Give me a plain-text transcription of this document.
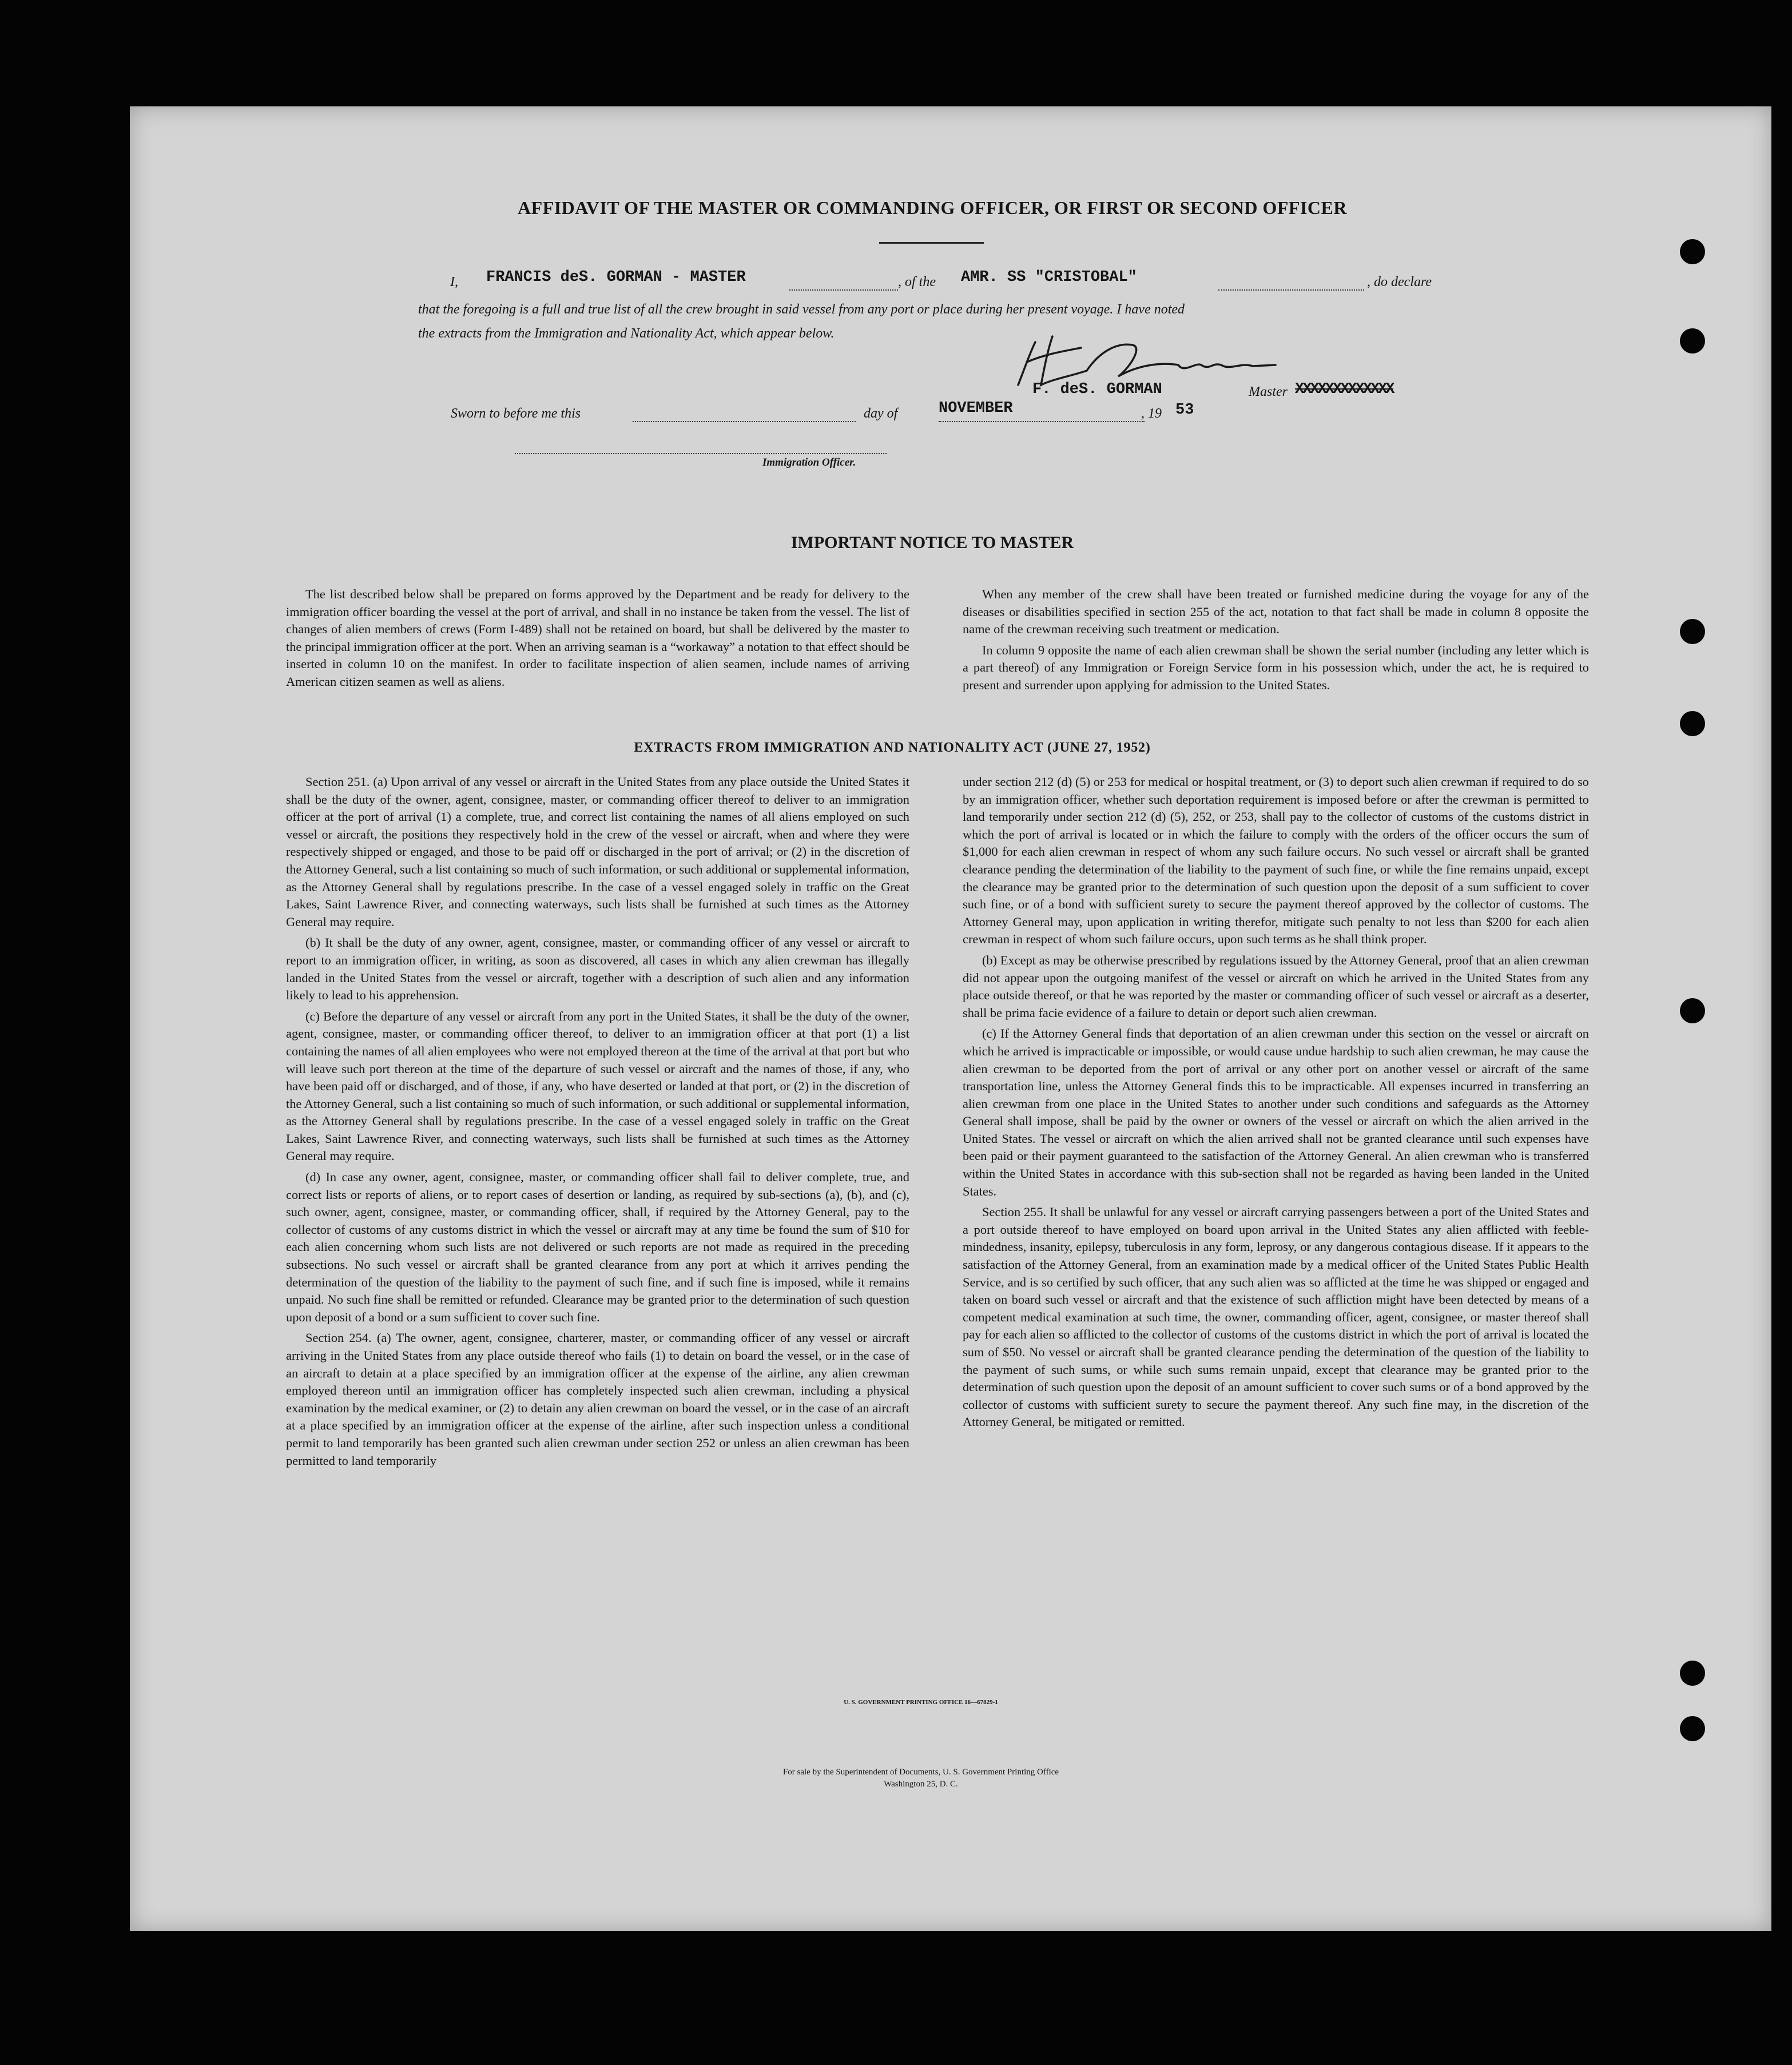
AFFIDAVIT OF THE MASTER OR COMMANDING OFFICER, OR FIRST OR SECOND OFFICER
I, FRANCIS deS. GORMAN - MASTER	, of the AMR. SS "CRISTOBAL"	, do declare
that the foregoing is a full and true list of all the crew brought in said vessel from any port or place during her present voyage. I have noted
the extracts from the Immigration and Nationality Act, which appear below.
F. deS. GORMAN	Master XXXXXXXXXXXXX
Sworn to before me this	day of	NOVEMBER	, 19 53
Immigration Officer.
IMPORTANT NOTICE TO MASTER

The list described below shall be prepared on forms approved by the Department and be ready for delivery to the immigration officer boarding the vessel at the port of arrival, and shall in no instance be taken from the vessel. The list of changes of alien members of crews (Form I-489) shall not be retained on board, but shall be delivered by the master to the principal immigration officer at the port. When an arriving seaman is a “workaway” a notation to that effect should be inserted in column 10 on the manifest. In order to facilitate inspection of alien seamen, include names of arriving American citizen seamen as well as aliens.

When any member of the crew shall have been treated or furnished medicine during the voyage for any of the diseases or disabilities specified in section 255 of the act, notation to that fact shall be made in column 8 opposite the name of the crewman receiving such treatment or medication.

In column 9 opposite the name of each alien crewman shall be shown the serial number (including any letter which is a part thereof) of any Immigration or Foreign Service form in his possession which, under the act, he is required to present and surrender upon applying for admission to the United States.

EXTRACTS FROM IMMIGRATION AND NATIONALITY ACT (JUNE 27, 1952)

Section 251. (a) Upon arrival of any vessel or aircraft in the United States from any place outside the United States it shall be the duty of the owner, agent, consignee, master, or commanding officer thereof to deliver to an immigration officer at the port of arrival (1) a complete, true, and correct list containing the names of all aliens employed on such vessel or aircraft, the positions they respectively hold in the crew of the vessel or aircraft, when and where they were respectively shipped or engaged, and those to be paid off or discharged in the port of arrival; or (2) in the discretion of the Attorney General, such a list containing so much of such information, or such additional or supplemental information, as the Attorney General shall by regulations prescribe. In the case of a vessel engaged solely in traffic on the Great Lakes, Saint Lawrence River, and connecting waterways, such lists shall be furnished at such times as the Attorney General may require.

(b) It shall be the duty of any owner, agent, consignee, master, or commanding officer of any vessel or aircraft to report to an immigration officer, in writing, as soon as discovered, all cases in which any alien crewman has illegally landed in the United States from the vessel or aircraft, together with a description of such alien and any information likely to lead to his apprehension.

(c) Before the departure of any vessel or aircraft from any port in the United States, it shall be the duty of the owner, agent, consignee, master, or commanding officer thereof, to deliver to an immigration officer at that port (1) a list containing the names of all alien employees who were not employed thereon at the time of the arrival at that port but who will leave such port thereon at the time of the departure of such vessel or aircraft and the names of those, if any, who have been paid off or discharged, and of those, if any, who have deserted or landed at that port, or (2) in the discretion of the Attorney General, such a list containing so much of such information, or such additional or supplemental information, as the Attorney General shall by regulations prescribe. In the case of a vessel engaged solely in traffic on the Great Lakes, Saint Lawrence River, and connecting waterways, such lists shall be furnished at such times as the Attorney General may require.

(d) In case any owner, agent, consignee, master, or commanding officer shall fail to deliver complete, true, and correct lists or reports of aliens, or to report cases of desertion or landing, as required by sub-sections (a), (b), and (c), such owner, agent, consignee, master, or commanding officer, shall, if required by the Attorney General, pay to the collector of customs of any customs district in which the vessel or aircraft may at any time be found the sum of $10 for each alien concerning whom such lists are not delivered or such reports are not made as required in the preceding subsections. No such vessel or aircraft shall be granted clearance from any port at which it arrives pending the determination of the question of the liability to the payment of such fine, and if such fine is imposed, while it remains unpaid. No such fine shall be remitted or refunded. Clearance may be granted prior to the determination of such question upon deposit of a bond or a sum sufficient to cover such fine.

Section 254. (a) The owner, agent, consignee, charterer, master, or commanding officer of any vessel or aircraft arriving in the United States from any place outside thereof who fails (1) to detain on board the vessel, or in the case of an aircraft to detain at a place specified by an immigration officer at the expense of the airline, any alien crewman employed thereon until an immigration officer has completely inspected such alien crewman, including a physical examination by the medical examiner, or (2) to detain any alien crewman on board the vessel, or in the case of an aircraft at a place specified by an immigration officer at the expense of the airline, after such inspection unless a conditional permit to land temporarily has been granted such alien crewman under section 252 or unless an alien crewman has been permitted to land temporarily

under section 212 (d) (5) or 253 for medical or hospital treatment, or (3) to deport such alien crewman if required to do so by an immigration officer, whether such deportation requirement is imposed before or after the crewman is permitted to land temporarily under section 212 (d) (5), 252, or 253, shall pay to the collector of customs of the customs district in which the port of arrival is located or in which the failure to comply with the orders of the officer occurs the sum of $1,000 for each alien crewman in respect of whom any such failure occurs. No such vessel or aircraft shall be granted clearance pending the determination of the liability to the payment of such fine, or while the fine remains unpaid, except the clearance may be granted prior to the determination of such question upon the deposit of a sum sufficient to cover such fine, or of a bond with sufficient surety to secure the payment thereof approved by the collector of customs. The Attorney General may, upon application in writing therefor, mitigate such penalty to not less than $200 for each alien crewman in respect of whom such failure occurs, upon such terms as he shall think proper.

(b) Except as may be otherwise prescribed by regulations issued by the Attorney General, proof that an alien crewman did not appear upon the outgoing manifest of the vessel or aircraft on which he arrived in the United States from any place outside thereof, or that he was reported by the master or commanding officer of such vessel or aircraft as a deserter, shall be prima facie evidence of a failure to detain or deport such alien crewman.

(c) If the Attorney General finds that deportation of an alien crewman under this section on the vessel or aircraft on which he arrived is impracticable or impossible, or would cause undue hardship to such alien crewman, he may cause the alien crewman to be deported from the port of arrival or any other port on another vessel or aircraft of the same transportation line, unless the Attorney General finds this to be impracticable. All expenses incurred in transferring an alien crewman from one place in the United States to another under such conditions and safeguards as the Attorney General shall impose, shall be paid by the owner or owners of the vessel or aircraft on which the alien arrived in the United States. The vessel or aircraft on which the alien arrived shall not be granted clearance until such expenses have been paid or their payment guaranteed to the satisfaction of the Attorney General. An alien crewman who is transferred within the United States in accordance with this sub-section shall not be regarded as having been landed in the United States.

Section 255. It shall be unlawful for any vessel or aircraft carrying passengers between a port of the United States and a port outside thereof to have employed on board upon arrival in the United States any alien afflicted with feeble-mindedness, insanity, epilepsy, tuberculosis in any form, leprosy, or any dangerous contagious disease. If it appears to the satisfaction of the Attorney General, from an examination made by a medical officer of the United States Public Health Service, and is so certified by such officer, that any such alien was so afflicted at the time he was shipped or engaged and taken on board such vessel or aircraft and that the existence of such affliction might have been detected by means of a competent medical examination at such time, the owner, commanding officer, agent, consignee, or master thereof shall pay for each alien so afflicted to the collector of customs of the customs district in which the port of arrival is located the sum of $50. No vessel or aircraft shall be granted clearance pending the determination of the question of the liability to the payment of such sums, or while such sums remain unpaid, except that clearance may be granted prior to the determination of such question upon the deposit of an amount sufficient to cover such sums or of a bond approved by the collector of customs with sufficient surety to secure the payment thereof. Any such fine may, in the discretion of the Attorney General, be mitigated or remitted.

U. S. GOVERNMENT PRINTING OFFICE 16—67829-1
For sale by the Superintendent of Documents, U. S. Government Printing Office
Washington 25, D. C.
